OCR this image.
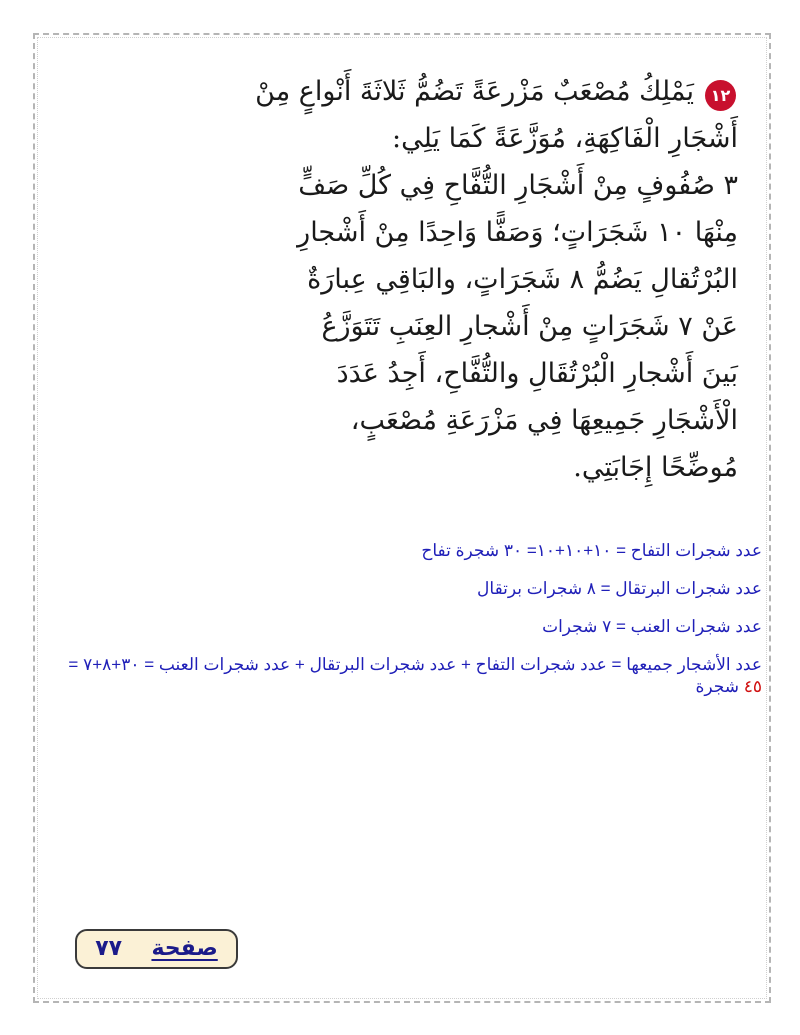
١٢
يَمْلِكُ مُصْعَبٌ مَزْرعَةً تَضُمُّ ثَلاثَةَ أَنْواعٍ مِنْ
أَشْجَارِ الْفَاكِهَةِ، مُوَزَّعَةً كَمَا يَلِي:
٣ صُفُوفٍ مِنْ أَشْجَارِ التُّفَّاحِ فِي كُلِّ صَفٍّ
مِنْهَا ١٠ شَجَرَاتٍ؛ وَصَفًّا وَاحِدًا مِنْ أَشْجارِ
البُرْتُقالِ يَضُمُّ ٨ شَجَرَاتٍ، والبَاقِي عِبارَةٌ
عَنْ ٧ شَجَرَاتٍ مِنْ أَشْجارِ العِنَبِ تَتَوَزَّعُ
بَينَ أَشْجارِ الْبُرْتُقَالِ والتُّفَّاحِ، أَجِدُ عَدَدَ
الْأَشْجَارِ جَمِيعِهَا فِي مَزْرَعَةِ مُصْعَبٍ،
مُوضِّحًا إِجَابَتِي.
عدد شجرات التفاح = ١٠+١٠+١٠= ٣٠ شجرة تفاح
عدد شجرات البرتقال = ٨ شجرات برتقال
عدد شجرات العنب = ٧ شجرات
عدد الأشجار جميعها = عدد شجرات التفاح + عدد شجرات البرتقال + عدد شجرات العنب = ٣٠+٨+٧ = ٤٥ شجرة
صفحة  ٧٧
